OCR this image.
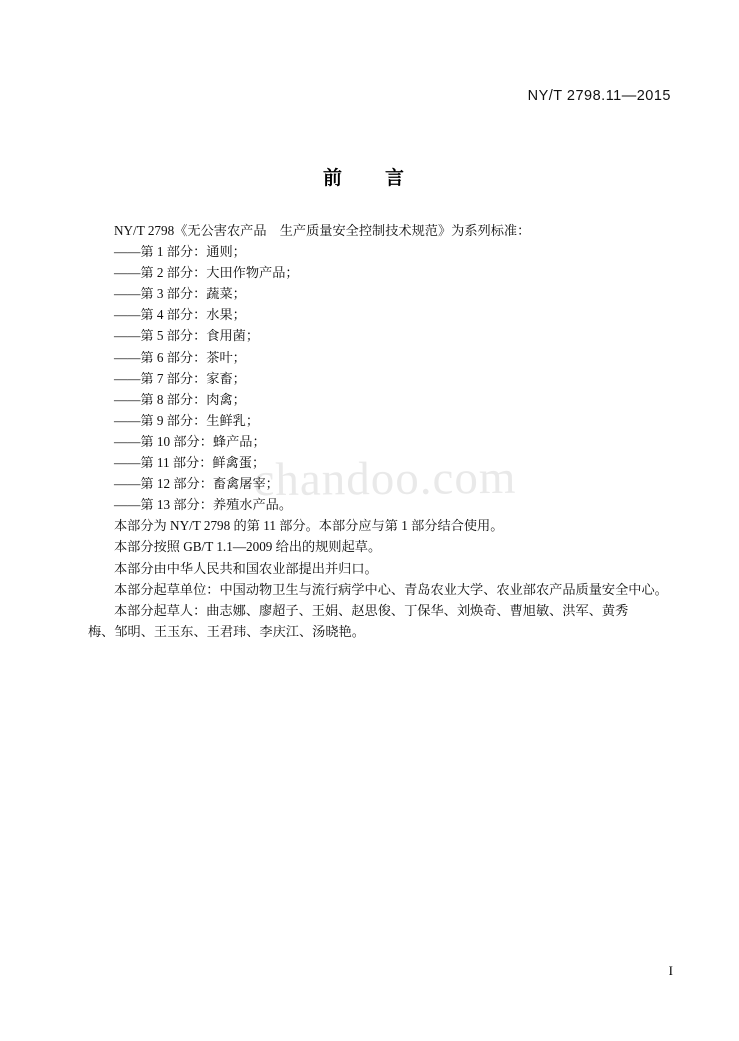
NY/T 2798.11—2015
前　言
chandoo.com

NY/T 2798《无公害农产品　生产质量安全控制技术规范》为系列标准：

——第 1 部分：通则；

——第 2 部分：大田作物产品；

——第 3 部分：蔬菜；

——第 4 部分：水果；

——第 5 部分：食用菌；

——第 6 部分：茶叶；

——第 7 部分：家畜；

——第 8 部分：肉禽；

——第 9 部分：生鲜乳；

——第 10 部分：蜂产品；

——第 11 部分：鲜禽蛋；

——第 12 部分：畜禽屠宰；

——第 13 部分：养殖水产品。

本部分为 NY/T 2798 的第 11 部分。本部分应与第 1 部分结合使用。

本部分按照 GB/T 1.1—2009 给出的规则起草。

本部分由中华人民共和国农业部提出并归口。

本部分起草单位：中国动物卫生与流行病学中心、青岛农业大学、农业部农产品质量安全中心。

本部分起草人：曲志娜、廖超子、王娟、赵思俊、丁保华、刘焕奇、曹旭敏、洪军、黄秀梅、邹明、王玉东、王君玮、李庆江、汤晓艳。

I
